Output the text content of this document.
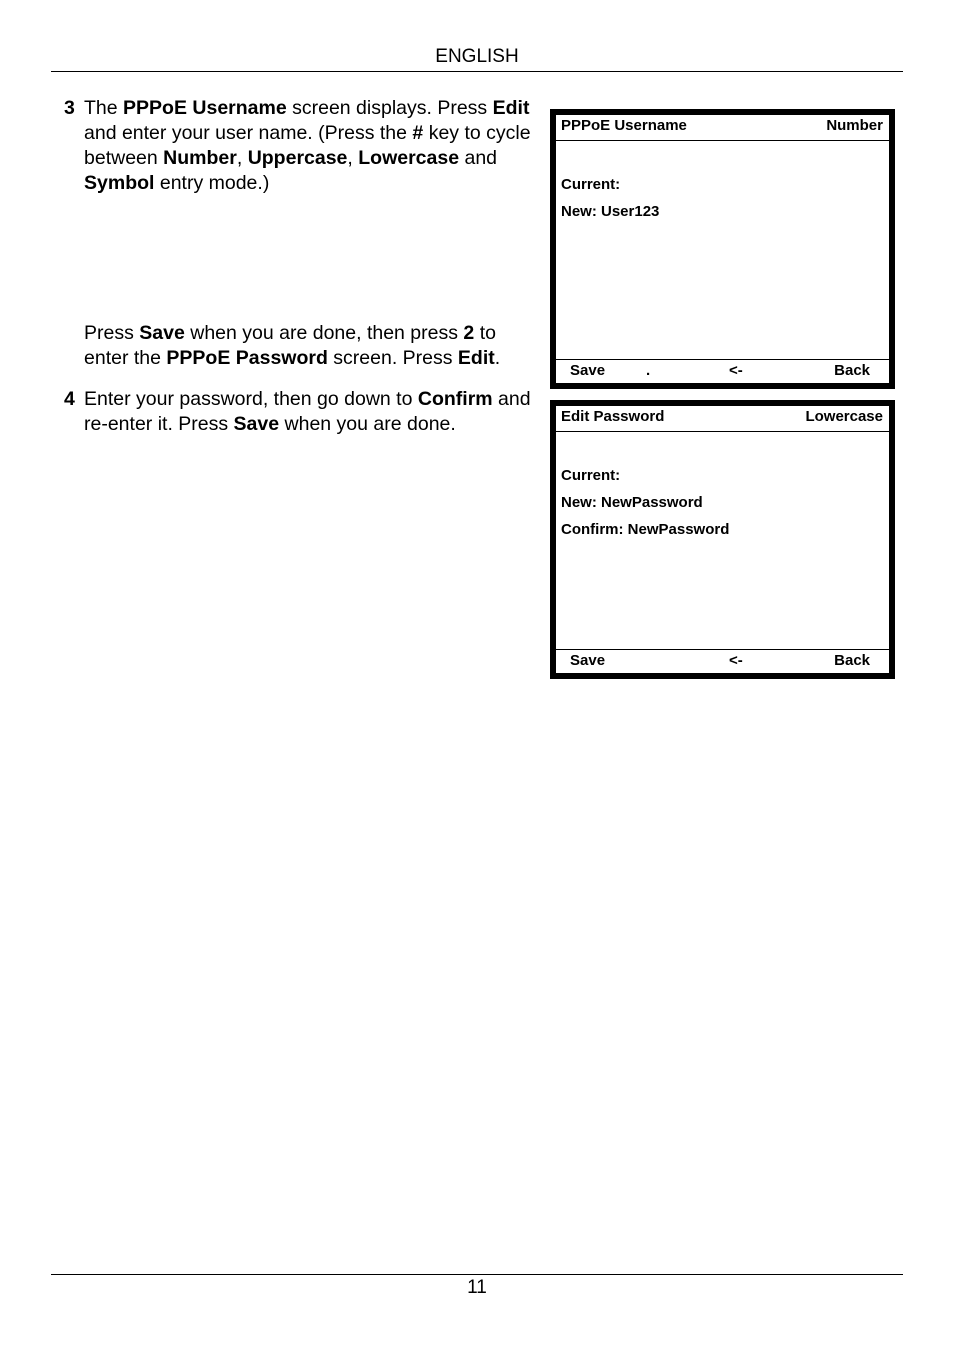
ENGLISH
3 The PPPoE Username screen displays. Press Edit and enter your user name. (Press the # key to cycle between Number, Uppercase, Lowercase and Symbol entry mode.)
Press Save when you are done, then press 2 to enter the PPPoE Password screen. Press Edit.
4 Enter your password, then go down to Confirm and re-enter it. Press Save when you are done.
PPPoE Username	Number
Current:
New: User123
Save	.	<-	Back
Edit Password	Lowercase
Current:
New: NewPassword
Confirm: NewPassword
Save	<-	Back
11
